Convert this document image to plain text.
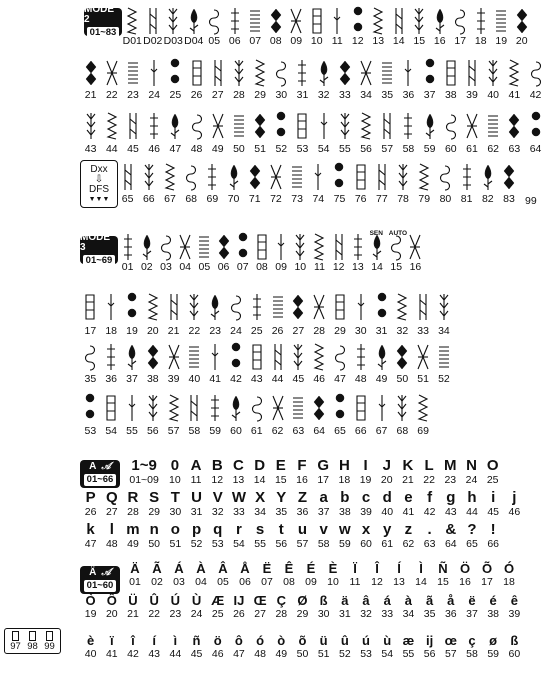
MODE 2
01~83
D01 D02 D03 D04 05 06 07 08 09 10 11 12 13 14 15 16 17 18 19 20
21 22 23 24 25 26 27 28 29 30 31 32 33 34 35 36 37 38 39 40 41 42
43 44 45 46 47 48 49 50 51 52 53 54 55 56 57 58 59 60 61 62 63 64
Dxx
⇩
DFS
▼▼▼ 65 66 67 68 69 70 71 72 73 74 75 76 77 78 79 80 81 82 83 99
MODE 3
01~69
01 02 03 04 05 06 07 08 09 10 11 12 13 14 15 16
SEN AUTO
17 18 19 20 21 22 23 24 25 26 27 28 29 30 31 32 33 34
35 36 37 38 39 40 41 42 43 44 45 46 47 48 49 50 51 52
53 54 55 56 57 58 59 60 61 62 63 64 65 66 67 68 69
A 𝒜
01~66
1~9
01~09
0
10
A
11
B
12
C
13
D
14
E
15
F
16
G
17
H
18
I
19
J
20
K
21
L
22
M
23
N
24
O
25
P
26
Q
27
R
28
S
29
T
30
U
31
V
32
W
33
X
34
Y
35
Z
36
a
37
b
38
c
39
d
40
e
41
f
42
g
43
h
44
i
45
j
46
k
47
l
48
m
49
n
50
o
51
p
52
q
53
r
54
s
55
t
56
u
57
v
58
w
59
x
60
y
61
z
62
.
63
&
64
?
65
!
66
Ä 𝒜
01~60
Ä
01
Ã
02
Á
03
À
04
Â
05
Å
06
Ë
07
Ê
08
É
09
È
10
Ï
11
Î
12
Í
13
Ì
14
Ñ
15
Ö
16
Õ
17
Ó
18
Ò
19
Ô
20
Ü
21
Û
22
Ú
23
Ù
24
Æ
25
IJ
26
Œ
27
Ç
28
Ø
29
ß
30
ä
31
â
32
á
33
à
34
ã
35
å
36
ë
37
é
38
ê
39
è
40
ï
41
î
42
í
43
ì
44
ñ
45
ö
46
ô
47
ó
48
ò
49
õ
50
ü
51
û
52
ú
53
ù
54
æ
55
ij
56
œ
57
ç
58
ø
59
ß
60
97 98 99
